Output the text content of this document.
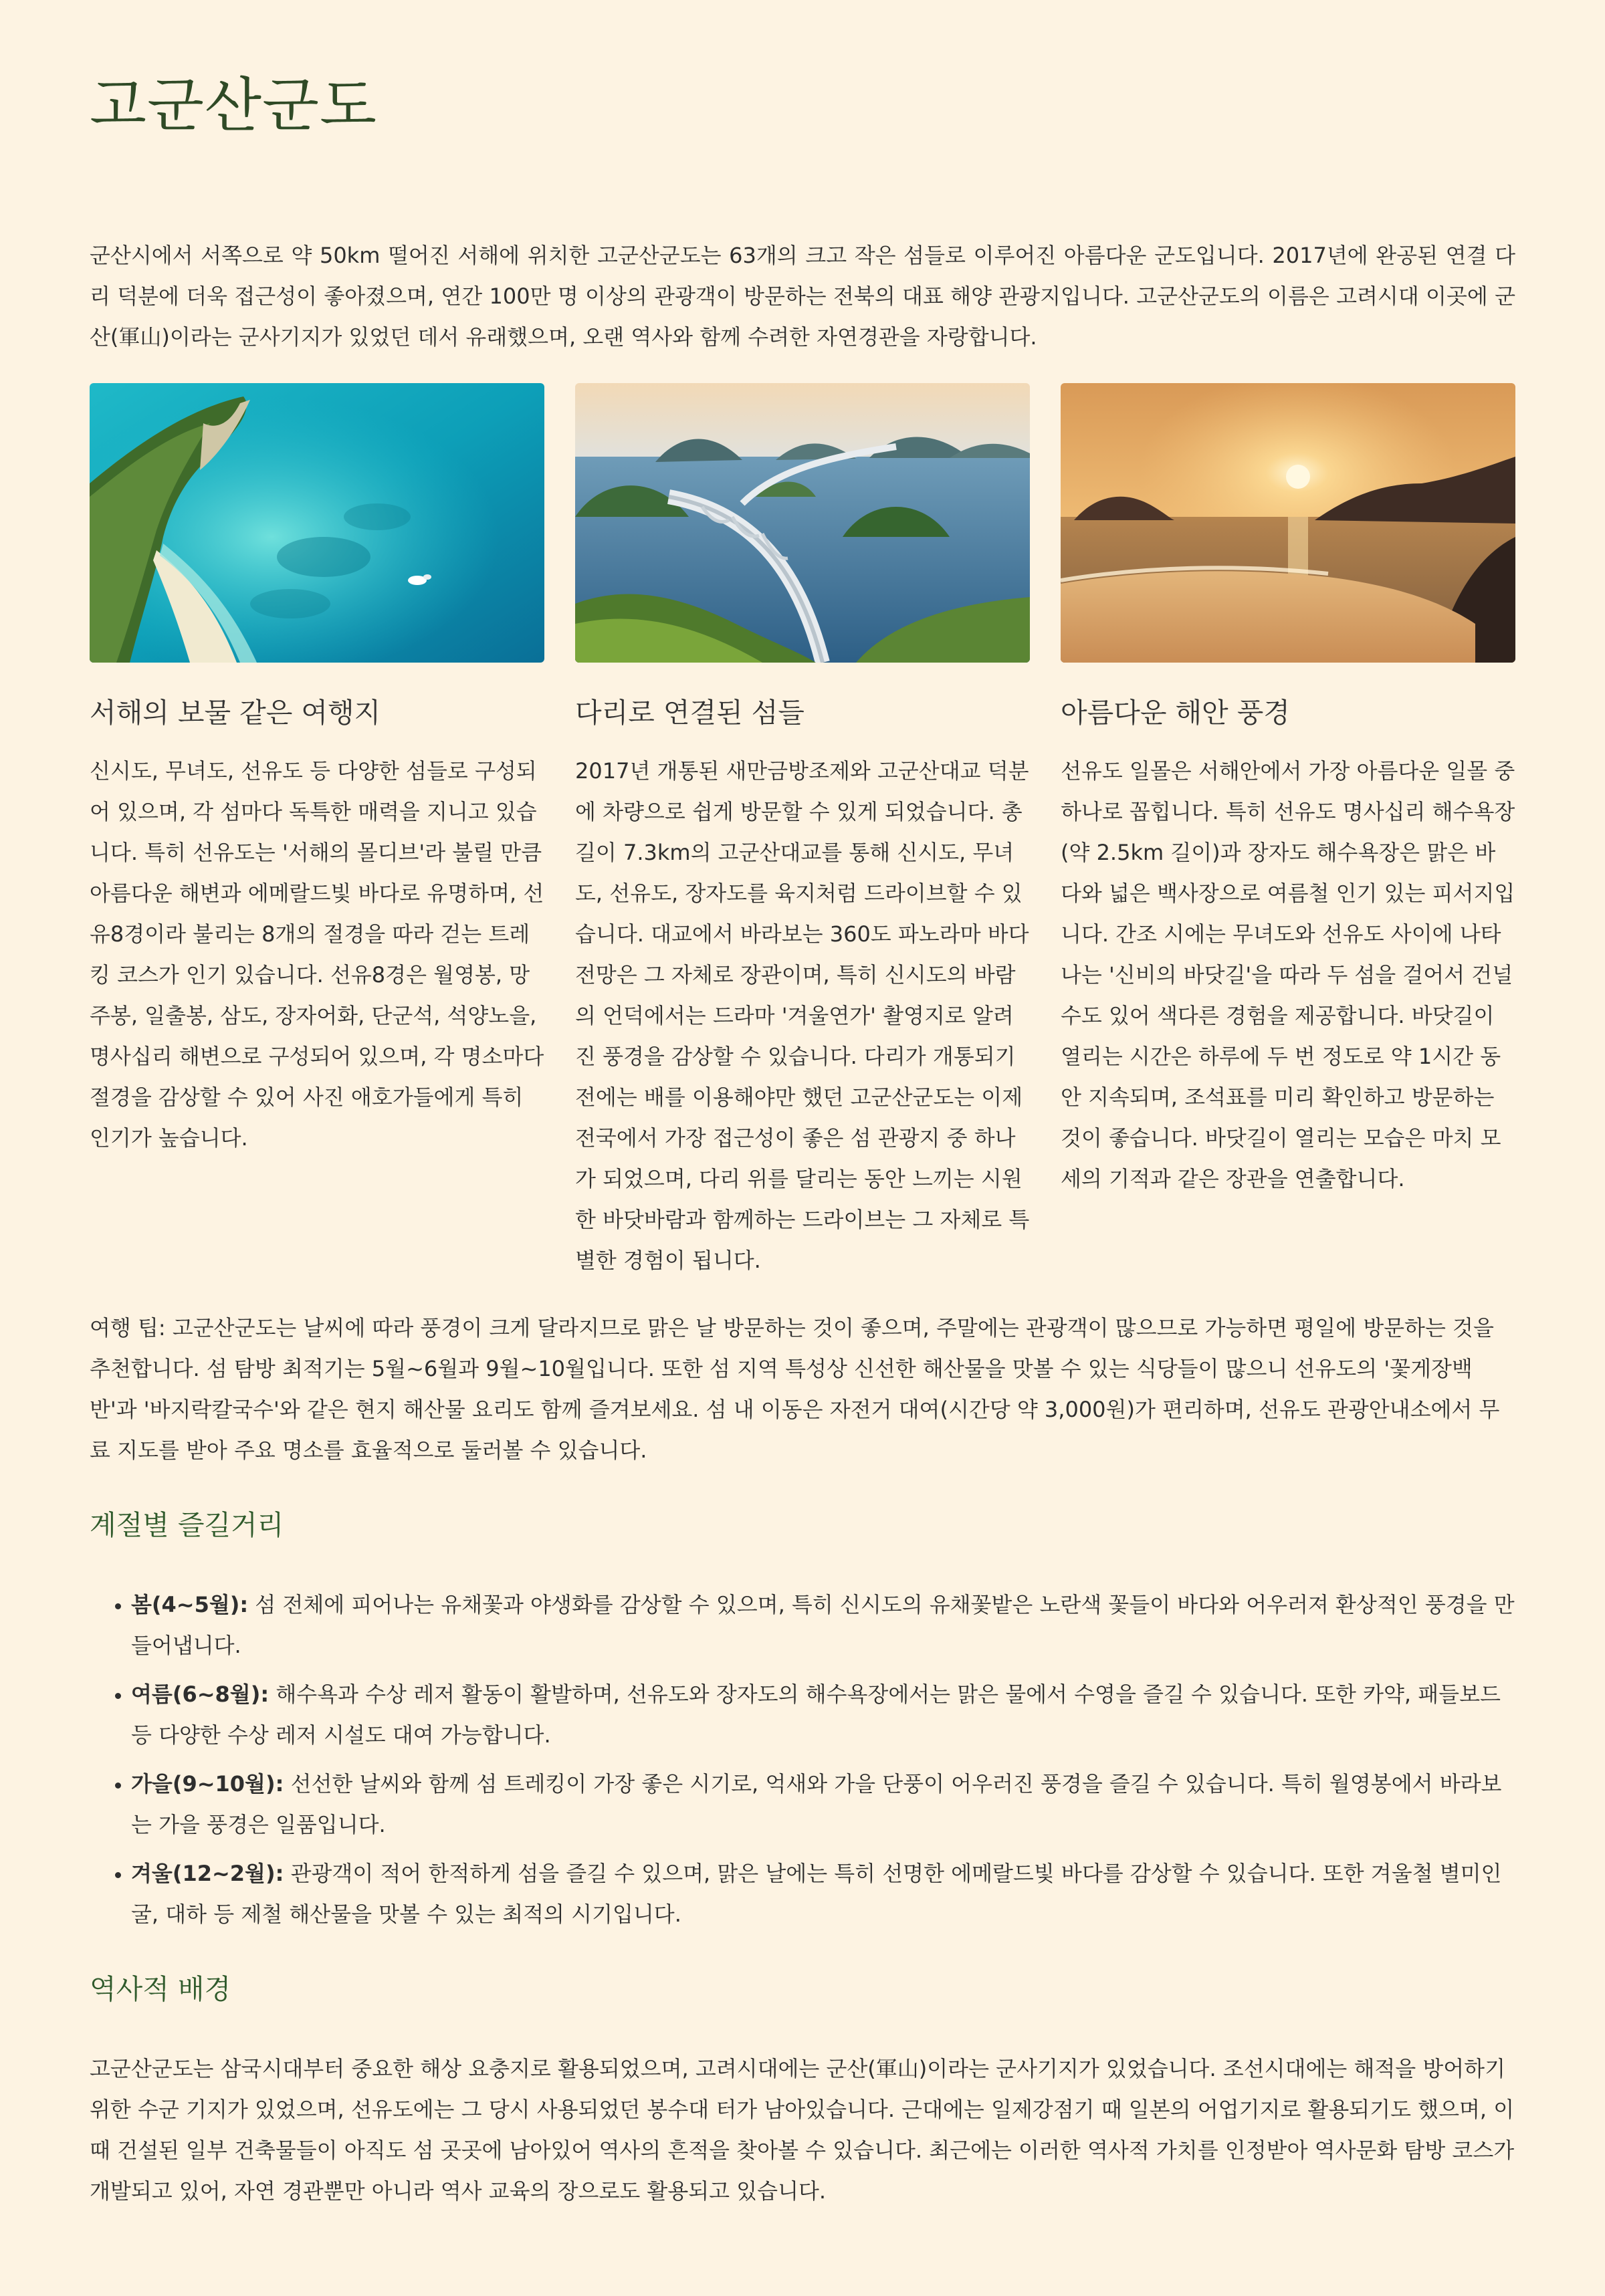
고군산군도

군산시에서 서쪽으로 약 50km 떨어진 서해에 위치한 고군산군도는 63개의 크고 작은 섬들로 이루어진 아름다운 군도입니다. 2017년에 완공된 연결 다리 덕분에 더욱 접근성이 좋아졌으며, 연간 100만 명 이상의 관광객이 방문하는 전북의 대표 해양 관광지입니다. 고군산군도의 이름은 고려시대 이곳에 군산(軍山)이라는 군사기지가 있었던 데서 유래했으며, 오랜 역사와 함께 수려한 자연경관을 자랑합니다.

서해의 보물 같은 여행지

신시도, 무녀도, 선유도 등 다양한 섬들로 구성되어 있으며, 각 섬마다 독특한 매력을 지니고 있습니다. 특히 선유도는 '서해의 몰디브'라 불릴 만큼 아름다운 해변과 에메랄드빛 바다로 유명하며, 선유8경이라 불리는 8개의 절경을 따라 걷는 트레킹 코스가 인기 있습니다. 선유8경은 월영봉, 망주봉, 일출봉, 삼도, 장자어화, 단군석, 석양노을, 명사십리 해변으로 구성되어 있으며, 각 명소마다 절경을 감상할 수 있어 사진 애호가들에게 특히 인기가 높습니다.

다리로 연결된 섬들

2017년 개통된 새만금방조제와 고군산대교 덕분에 차량으로 쉽게 방문할 수 있게 되었습니다. 총 길이 7.3km의 고군산대교를 통해 신시도, 무녀도, 선유도, 장자도를 육지처럼 드라이브할 수 있습니다. 대교에서 바라보는 360도 파노라마 바다 전망은 그 자체로 장관이며, 특히 신시도의 바람의 언덕에서는 드라마 '겨울연가' 촬영지로 알려진 풍경을 감상할 수 있습니다. 다리가 개통되기 전에는 배를 이용해야만 했던 고군산군도는 이제 전국에서 가장 접근성이 좋은 섬 관광지 중 하나가 되었으며, 다리 위를 달리는 동안 느끼는 시원한 바닷바람과 함께하는 드라이브는 그 자체로 특별한 경험이 됩니다.

아름다운 해안 풍경

선유도 일몰은 서해안에서 가장 아름다운 일몰 중 하나로 꼽힙니다. 특히 선유도 명사십리 해수욕장(약 2.5km 길이)과 장자도 해수욕장은 맑은 바다와 넓은 백사장으로 여름철 인기 있는 피서지입니다. 간조 시에는 무녀도와 선유도 사이에 나타나는 '신비의 바닷길'을 따라 두 섬을 걸어서 건널 수도 있어 색다른 경험을 제공합니다. 바닷길이 열리는 시간은 하루에 두 번 정도로 약 1시간 동안 지속되며, 조석표를 미리 확인하고 방문하는 것이 좋습니다. 바닷길이 열리는 모습은 마치 모세의 기적과 같은 장관을 연출합니다.

여행 팁: 고군산군도는 날씨에 따라 풍경이 크게 달라지므로 맑은 날 방문하는 것이 좋으며, 주말에는 관광객이 많으므로 가능하면 평일에 방문하는 것을 추천합니다. 섬 탐방 최적기는 5월~6월과 9월~10월입니다. 또한 섬 지역 특성상 신선한 해산물을 맛볼 수 있는 식당들이 많으니 선유도의 '꽃게장백반'과 '바지락칼국수'와 같은 현지 해산물 요리도 함께 즐겨보세요. 섬 내 이동은 자전거 대여(시간당 약 3,000원)가 편리하며, 선유도 관광안내소에서 무료 지도를 받아 주요 명소를 효율적으로 둘러볼 수 있습니다.

계절별 즐길거리
• 봄(4~5월): 섬 전체에 피어나는 유채꽃과 야생화를 감상할 수 있으며, 특히 신시도의 유채꽃밭은 노란색 꽃들이 바다와 어우러져 환상적인 풍경을 만들어냅니다.
• 여름(6~8월): 해수욕과 수상 레저 활동이 활발하며, 선유도와 장자도의 해수욕장에서는 맑은 물에서 수영을 즐길 수 있습니다. 또한 카약, 패들보드 등 다양한 수상 레저 시설도 대여 가능합니다.
• 가을(9~10월): 선선한 날씨와 함께 섬 트레킹이 가장 좋은 시기로, 억새와 가을 단풍이 어우러진 풍경을 즐길 수 있습니다. 특히 월영봉에서 바라보는 가을 풍경은 일품입니다.
• 겨울(12~2월): 관광객이 적어 한적하게 섬을 즐길 수 있으며, 맑은 날에는 특히 선명한 에메랄드빛 바다를 감상할 수 있습니다. 또한 겨울철 별미인 굴, 대하 등 제철 해산물을 맛볼 수 있는 최적의 시기입니다.
역사적 배경

고군산군도는 삼국시대부터 중요한 해상 요충지로 활용되었으며, 고려시대에는 군산(軍山)이라는 군사기지가 있었습니다. 조선시대에는 해적을 방어하기 위한 수군 기지가 있었으며, 선유도에는 그 당시 사용되었던 봉수대 터가 남아있습니다. 근대에는 일제강점기 때 일본의 어업기지로 활용되기도 했으며, 이때 건설된 일부 건축물들이 아직도 섬 곳곳에 남아있어 역사의 흔적을 찾아볼 수 있습니다. 최근에는 이러한 역사적 가치를 인정받아 역사문화 탐방 코스가 개발되고 있어, 자연 경관뿐만 아니라 역사 교육의 장으로도 활용되고 있습니다.
